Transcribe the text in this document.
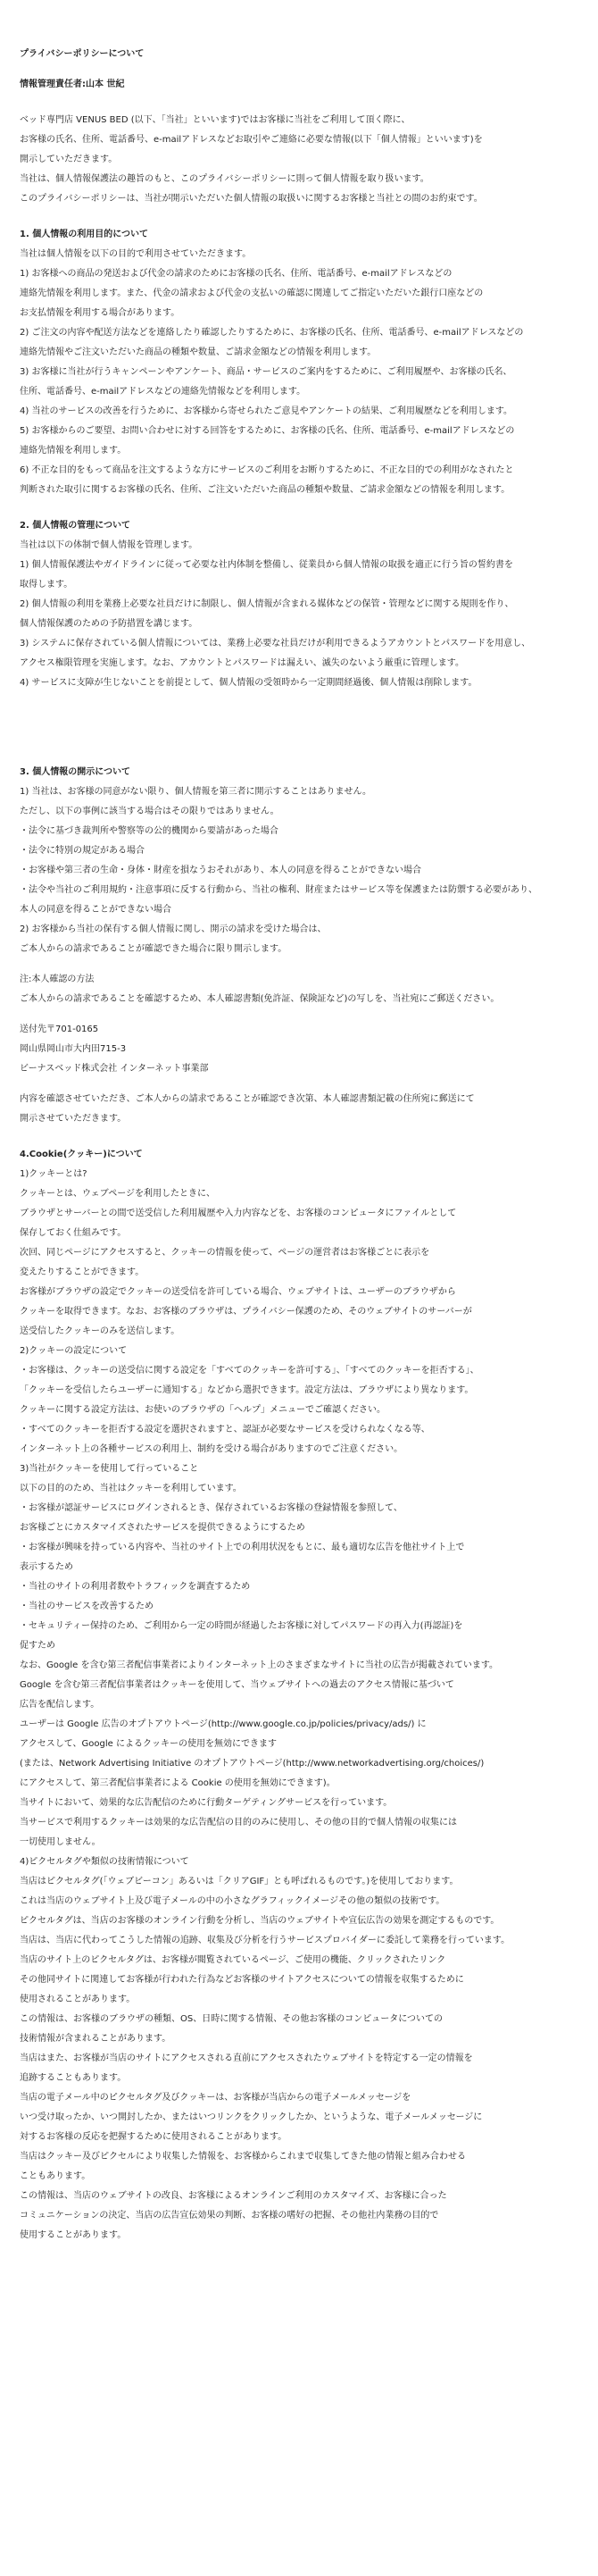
プライバシーポリシーについて
情報管理責任者:山本 世紀
ベッド専門店 VENUS BED (以下、「当社」といいます)ではお客様に当社をご利用して頂く際に、
お客様の氏名、住所、電話番号、e-mailアドレスなどお取引やご連絡に必要な情報(以下「個人情報」といいます)を
開示していただきます。
当社は、個人情報保護法の趣旨のもと、このプライバシーポリシーに則って個人情報を取り扱います。
このプライバシーポリシーは、当社が開示いただいた個人情報の取扱いに関するお客様と当社との間のお約束です。
1. 個人情報の利用目的について
当社は個人情報を以下の目的で利用させていただきます。
1) お客様への商品の発送および代金の請求のためにお客様の氏名、住所、電話番号、e-mailアドレスなどの
連絡先情報を利用します。また、代金の請求および代金の支払いの確認に関連してご指定いただいた銀行口座などの
お支払情報を利用する場合があります。
2) ご注文の内容や配送方法などを連絡したり確認したりするために、お客様の氏名、住所、電話番号、e-mailアドレスなどの
連絡先情報やご注文いただいた商品の種類や数量、ご請求金額などの情報を利用します。
3) お客様に当社が行うキャンペーンやアンケート、商品・サービスのご案内をするために、ご利用履歴や、お客様の氏名、
住所、電話番号、e-mailアドレスなどの連絡先情報などを利用します。
4) 当社のサービスの改善を行うために、お客様から寄せられたご意見やアンケートの結果、ご利用履歴などを利用します。
5) お客様からのご要望、お問い合わせに対する回答をするために、お客様の氏名、住所、電話番号、e-mailアドレスなどの
連絡先情報を利用します。
6) 不正な目的をもって商品を注文するような方にサービスのご利用をお断りするために、不正な目的での利用がなされたと
判断された取引に関するお客様の氏名、住所、ご注文いただいた商品の種類や数量、ご請求金額などの情報を利用します。
2. 個人情報の管理について
当社は以下の体制で個人情報を管理します。
1) 個人情報保護法やガイドラインに従って必要な社内体制を整備し、従業員から個人情報の取扱を適正に行う旨の誓約書を
取得します。
2) 個人情報の利用を業務上必要な社員だけに制限し、個人情報が含まれる媒体などの保管・管理などに関する規則を作り、
個人情報保護のための予防措置を講じます。
3) システムに保存されている個人情報については、業務上必要な社員だけが利用できるようアカウントとパスワードを用意し、
アクセス権限管理を実施します。なお、アカウントとパスワードは漏えい、滅失のないよう厳重に管理します。
4) サービスに支障が生じないことを前提として、個人情報の受領時から一定期間経過後、個人情報は削除します。
3. 個人情報の開示について
1) 当社は、お客様の同意がない限り、個人情報を第三者に開示することはありません。
ただし、以下の事例に該当する場合はその限りではありません。
・法令に基づき裁判所や警察等の公的機関から要請があった場合
・法令に特別の規定がある場合
・お客様や第三者の生命・身体・財産を損なうおそれがあり、本人の同意を得ることができない場合
・法令や当社のご利用規約・注意事項に反する行動から、当社の権利、財産またはサービス等を保護または防禦する必要があり、
本人の同意を得ることができない場合
2) お客様から当社の保有する個人情報に関し、開示の請求を受けた場合は、
ご本人からの請求であることが確認できた場合に限り開示します。
注:本人確認の方法
ご本人からの請求であることを確認するため、本人確認書類(免許証、保険証など)の写しを、当社宛にご郵送ください。
送付先〒701-0165
岡山県岡山市大内田715-3
ビーナスベッド株式会社 インターネット事業部
内容を確認させていただき、ご本人からの請求であることが確認でき次第、本人確認書類記載の住所宛に郵送にて
開示させていただきます。
4.Cookie(クッキー)について
1)クッキーとは?
クッキーとは、ウェブページを利用したときに、
ブラウザとサーバーとの間で送受信した利用履歴や入力内容などを、お客様のコンピュータにファイルとして
保存しておく仕組みです。
次回、同じページにアクセスすると、クッキーの情報を使って、ページの運営者はお客様ごとに表示を
変えたりすることができます。
お客様がブラウザの設定でクッキーの送受信を許可している場合、ウェブサイトは、ユーザーのブラウザから
クッキーを取得できます。なお、お客様のブラウザは、プライバシー保護のため、そのウェブサイトのサーバーが
送受信したクッキーのみを送信します。
2)クッキーの設定について
・お客様は、クッキーの送受信に関する設定を「すべてのクッキーを許可する」、「すべてのクッキーを拒否する」、
「クッキーを受信したらユーザーに通知する」などから選択できます。設定方法は、ブラウザにより異なります。
クッキーに関する設定方法は、お使いのブラウザの「ヘルプ」メニューでご確認ください。
・すべてのクッキーを拒否する設定を選択されますと、認証が必要なサービスを受けられなくなる等、
インターネット上の各種サービスの利用上、制約を受ける場合がありますのでご注意ください。
3)当社がクッキーを使用して行っていること
以下の目的のため、当社はクッキーを利用しています。
・お客様が認証サービスにログインされるとき、保存されているお客様の登録情報を参照して、
お客様ごとにカスタマイズされたサービスを提供できるようにするため
・お客様が興味を持っている内容や、当社のサイト上での利用状況をもとに、最も適切な広告を他社サイト上で
表示するため
・当社のサイトの利用者数やトラフィックを調査するため
・当社のサービスを改善するため
・セキュリティー保持のため、ご利用から一定の時間が経過したお客様に対してパスワードの再入力(再認証)を
促すため
なお、Google を含む第三者配信事業者によりインターネット上のさまざまなサイトに当社の広告が掲載されています。
Google を含む第三者配信事業者はクッキーを使用して、当ウェブサイトへの過去のアクセス情報に基づいて
広告を配信します。
ユーザーは Google 広告のオプトアウトページ(http://www.google.co.jp/policies/privacy/ads/) に
アクセスして、Google によるクッキーの使用を無効にできます
(または、Network Advertising Initiative のオプトアウトページ(http://www.networkadvertising.org/choices/)
にアクセスして、第三者配信事業者による Cookie の使用を無効にできます)。
当サイトにおいて、効果的な広告配信のために行動ターゲティングサービスを行っています。
当サービスで利用するクッキーは効果的な広告配信の目的のみに使用し、その他の目的で個人情報の収集には
一切使用しません。
4)ピクセルタグや類似の技術情報について
当店はピクセルタグ(「ウェブビーコン」あるいは「クリアGIF」とも呼ばれるものです。)を使用しております。
これは当店のウェブサイト上及び電子メールの中の小さなグラフィックイメージその他の類似の技術です。
ピクセルタグは、当店のお客様のオンライン行動を分析し、当店のウェブサイトや宣伝広告の効果を測定するものです。
当店は、当店に代わってこうした情報の追跡、収集及び分析を行うサービスプロバイダーに委託して業務を行っています。
当店のサイト上のピクセルタグは、お客様が閲覧されているページ、ご使用の機能、クリックされたリンク
その他同サイトに関連してお客様が行われた行為などお客様のサイトアクセスについての情報を収集するために
使用されることがあります。
この情報は、お客様のブラウザの種類、OS、日時に関する情報、その他お客様のコンピュータについての
技術情報が含まれることがあります。
当店はまた、お客様が当店のサイトにアクセスされる直前にアクセスされたウェブサイトを特定する一定の情報を
追跡することもあります。
当店の電子メール中のピクセルタグ及びクッキーは、お客様が当店からの電子メールメッセージを
いつ受け取ったか、いつ開封したか、またはいつリンクをクリックしたか、というような、電子メールメッセージに
対するお客様の反応を把握するために使用されることがあります。
当店はクッキー及びピクセルにより収集した情報を、お客様からこれまで収集してきた他の情報と組み合わせる
こともあります。
この情報は、当店のウェブサイトの改良、お客様によるオンラインご利用のカスタマイズ、お客様に合った
コミュニケーションの決定、当店の広告宣伝効果の判断、お客様の嗜好の把握、その他社内業務の目的で
使用することがあります。
